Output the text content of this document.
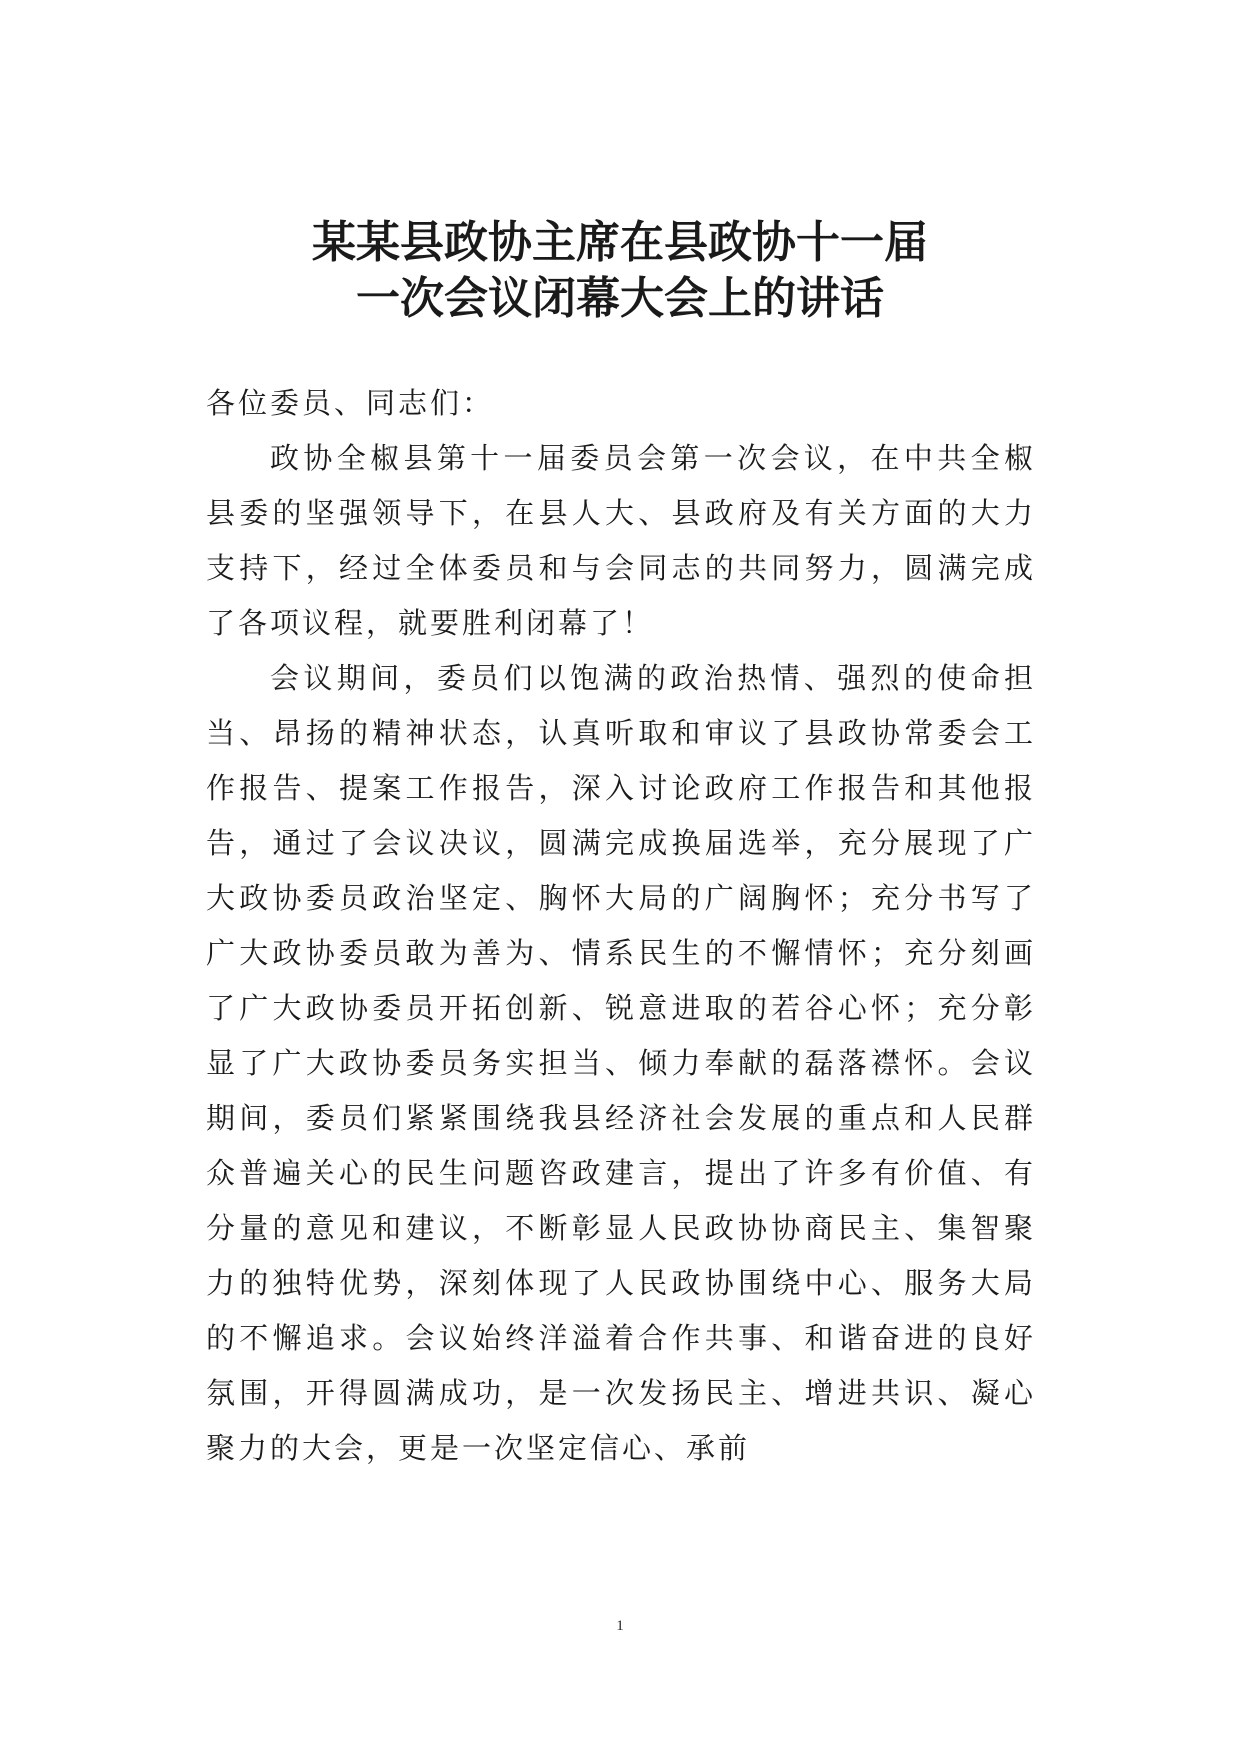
某某县政协主席在县政协十一届
一次会议闭幕大会上的讲话

各位委员、同志们：

政协全椒县第十一届委员会第一次会议，在中共全椒县委的坚强领导下，在县人大、县政府及有关方面的大力支持下，经过全体委员和与会同志的共同努力，圆满完成了各项议程，就要胜利闭幕了！

会议期间，委员们以饱满的政治热情、强烈的使命担当、昂扬的精神状态，认真听取和审议了县政协常委会工作报告、提案工作报告，深入讨论政府工作报告和其他报告，通过了会议决议，圆满完成换届选举，充分展现了广大政协委员政治坚定、胸怀大局的广阔胸怀；充分书写了广大政协委员敢为善为、情系民生的不懈情怀；充分刻画了广大政协委员开拓创新、锐意进取的若谷心怀；充分彰显了广大政协委员务实担当、倾力奉献的磊落襟怀。会议期间，委员们紧紧围绕我县经济社会发展的重点和人民群众普遍关心的民生问题咨政建言，提出了许多有价值、有分量的意见和建议，不断彰显人民政协协商民主、集智聚力的独特优势，深刻体现了人民政协围绕中心、服务大局的不懈追求。会议始终洋溢着合作共事、和谐奋进的良好氛围，开得圆满成功，是一次发扬民主、增进共识、凝心聚力的大会，更是一次坚定信心、承前

1
